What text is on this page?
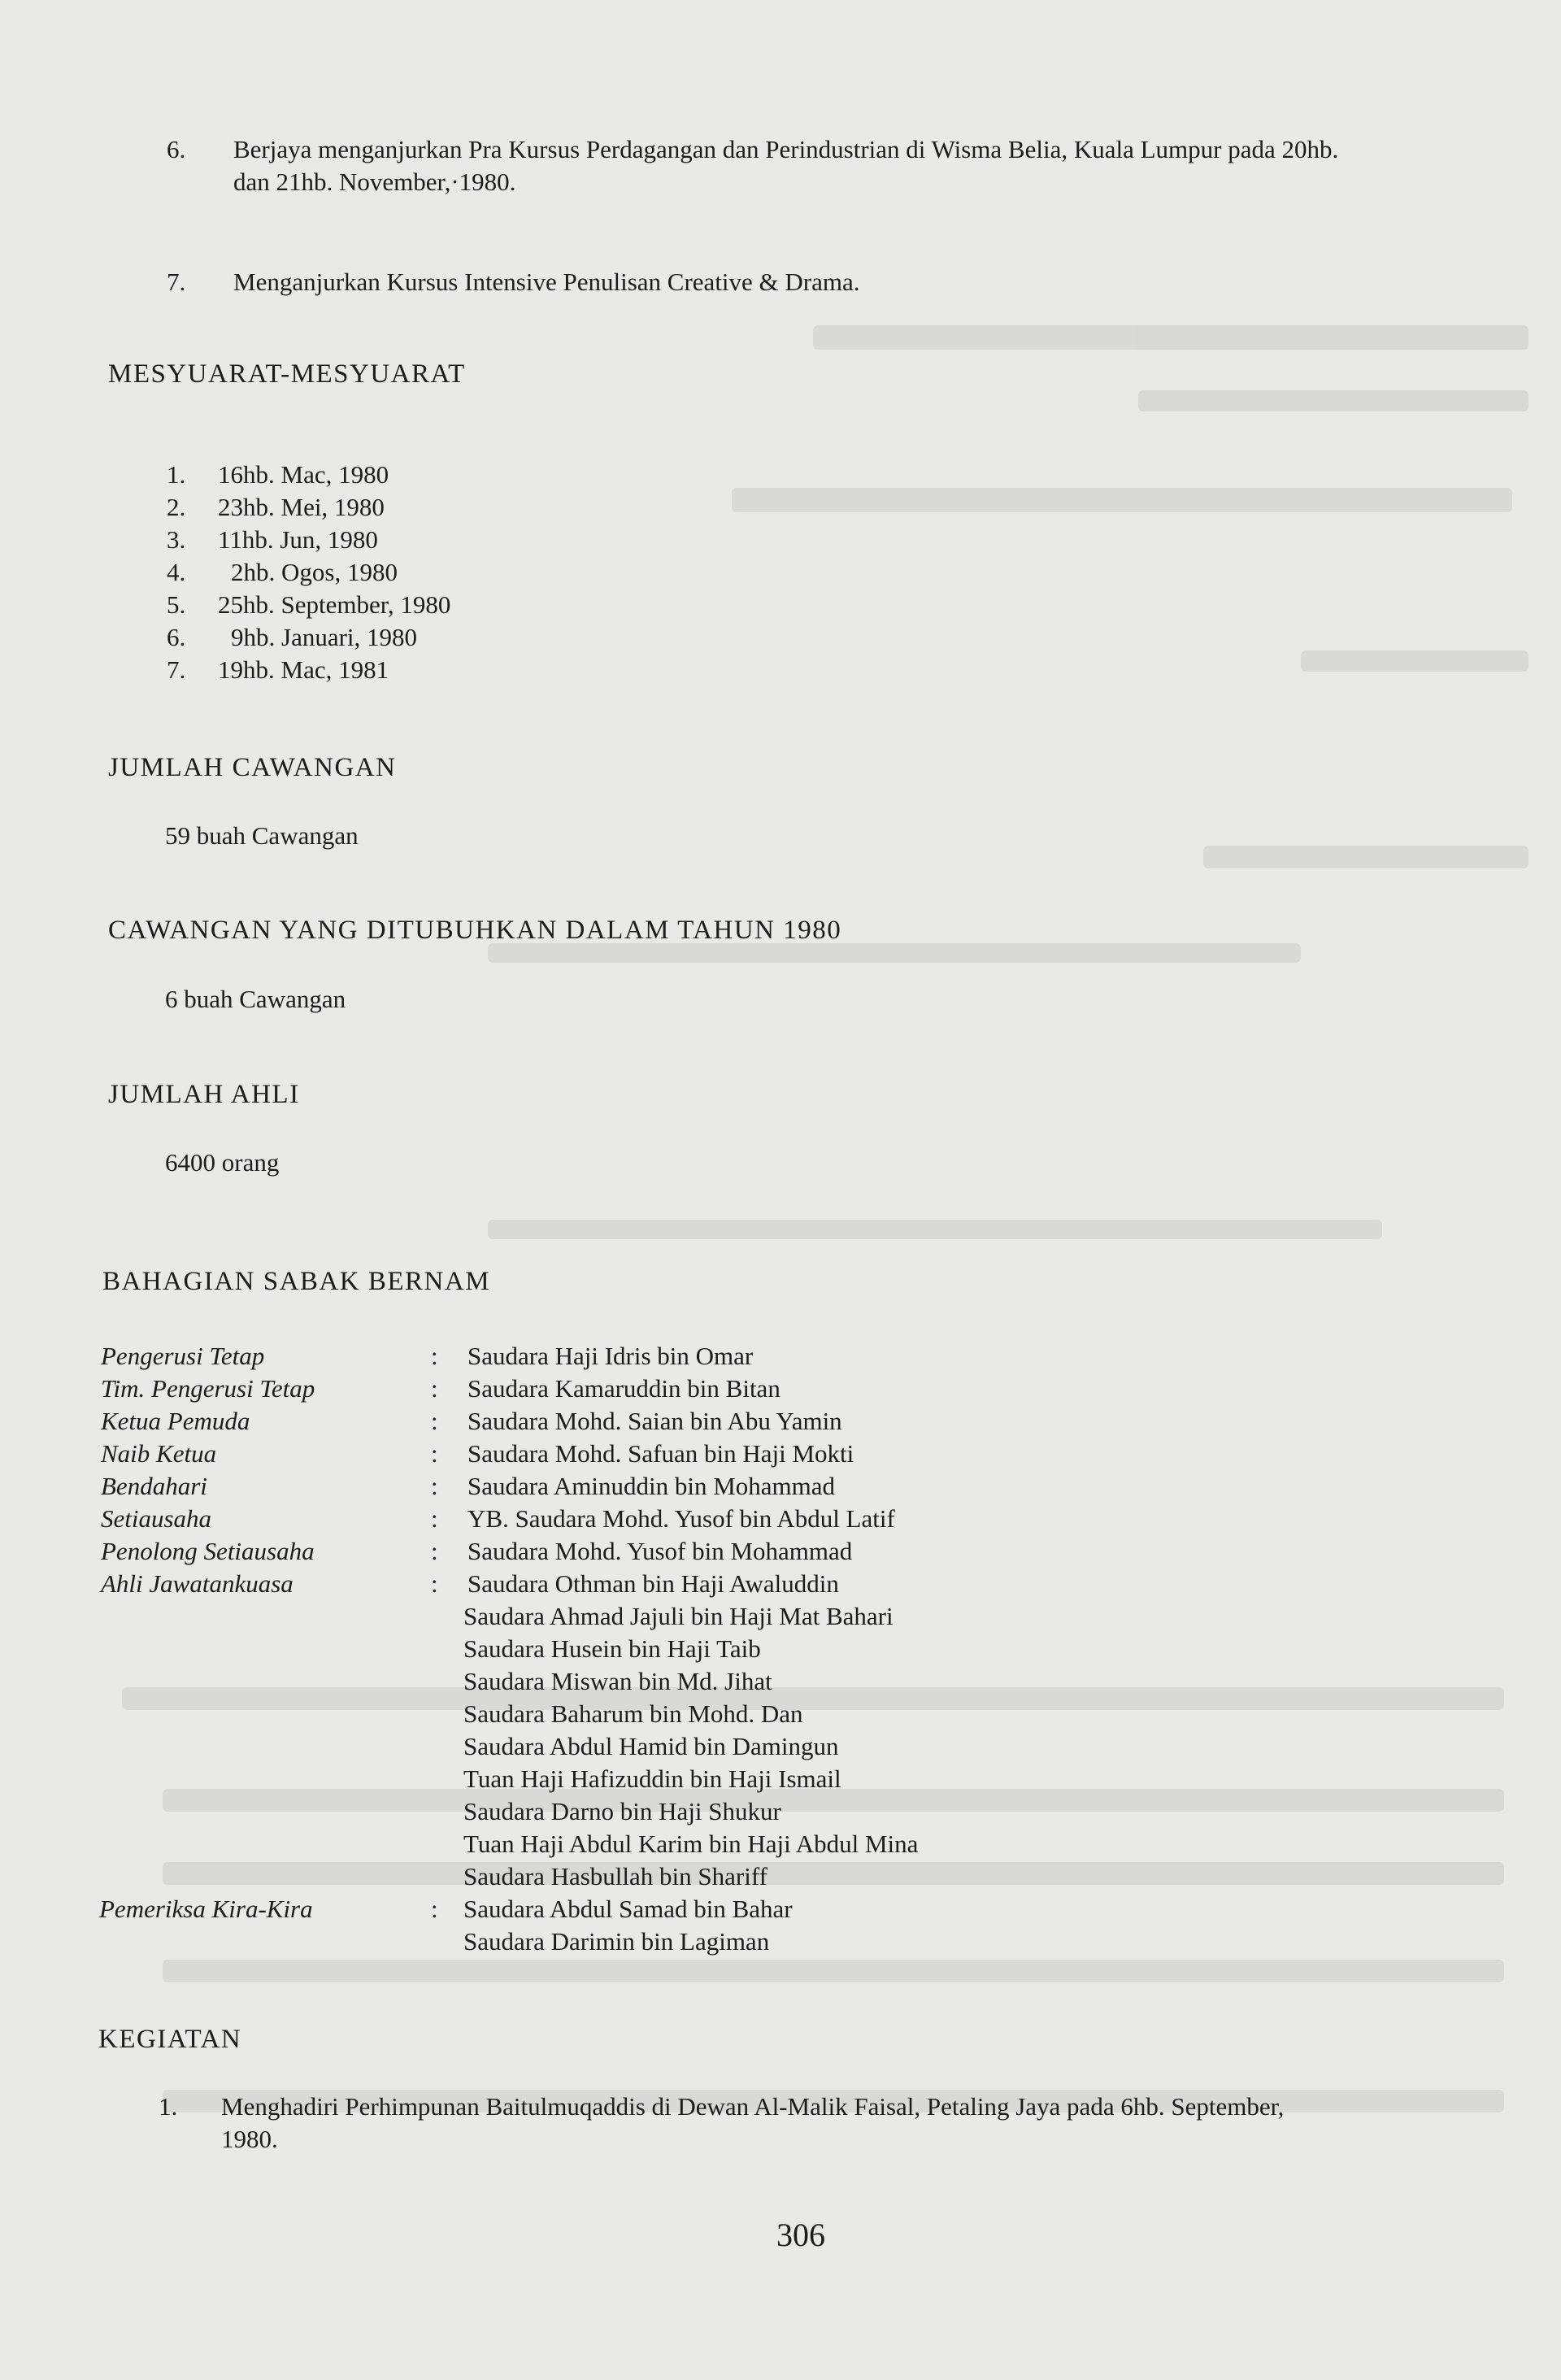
6. Berjaya menganjurkan Pra Kursus Perdagangan dan Perindustrian di Wisma Belia, Kuala Lumpur pada 20hb.
dan 21hb. November,·1980.
7. Menganjurkan Kursus Intensive Penulisan Creative & Drama.
MESYUARAT-MESYUARAT
1. 16hb. Mac, 1980
2. 23hb. Mei, 1980
3. 11hb. Jun, 1980
4. 2hb. Ogos, 1980
5. 25hb. September, 1980
6. 9hb. Januari, 1980
7. 19hb. Mac, 1981
JUMLAH CAWANGAN
59 buah Cawangan
CAWANGAN YANG DITUBUHKAN DALAM TAHUN 1980
6 buah Cawangan
JUMLAH AHLI
6400 orang
BAHAGIAN SABAK BERNAM
Pengerusi Tetap	: Saudara Haji Idris bin Omar
Tim. Pengerusi Tetap	: Saudara Kamaruddin bin Bitan
Ketua Pemuda	: Saudara Mohd. Saian bin Abu Yamin
Naib Ketua	: Saudara Mohd. Safuan bin Haji Mokti
Bendahari	: Saudara Aminuddin bin Mohammad
Setiausaha	: YB. Saudara Mohd. Yusof bin Abdul Latif
Penolong Setiausaha	: Saudara Mohd. Yusof bin Mohammad
Ahli Jawatankuasa	: Saudara Othman bin Haji Awaluddin
Saudara Ahmad Jajuli bin Haji Mat Bahari
Saudara Husein bin Haji Taib
Saudara Miswan bin Md. Jihat
Saudara Baharum bin Mohd. Dan
Saudara Abdul Hamid bin Damingun
Tuan Haji Hafizuddin bin Haji Ismail
Saudara Darno bin Haji Shukur
Tuan Haji Abdul Karim bin Haji Abdul Mina
Saudara Hasbullah bin Shariff
Pemeriksa Kira-Kira	: Saudara Abdul Samad bin Bahar
Saudara Darimin bin Lagiman
KEGIATAN
1. Menghadiri Perhimpunan Baitulmuqaddis di Dewan Al-Malik Faisal, Petaling Jaya pada 6hb. September,
1980.
306
